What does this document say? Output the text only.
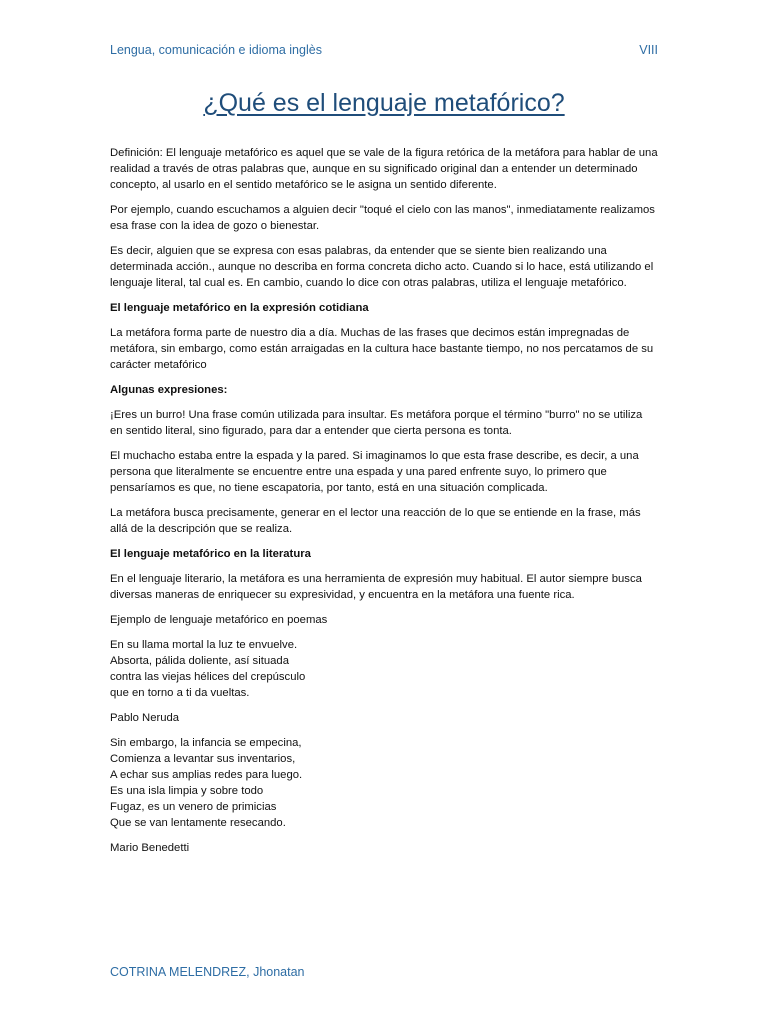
Lengua, comunicación e idioma inglès	VIII
¿Qué es el lenguaje metafórico?

Definición: El lenguaje metafórico es aquel que se vale de la figura retórica de la metáfora para hablar de una realidad a través de otras palabras que, aunque en su significado original dan a entender un determinado concepto, al usarlo en el sentido metafórico se le asigna un sentido diferente.

Por ejemplo, cuando escuchamos a alguien decir "toqué el cielo con las manos", inmediatamente realizamos esa frase con la idea de gozo o bienestar.

Es decir, alguien que se expresa con esas palabras, da entender que se siente bien realizando una determinada acción., aunque no describa en forma concreta dicho acto. Cuando si lo hace, está utilizando el lenguaje literal, tal cual es. En cambio, cuando lo dice con otras palabras, utiliza el lenguaje metafórico.

El lenguaje metafórico en la expresión cotidiana

La metáfora forma parte de nuestro dia a día. Muchas de las frases que decimos están impregnadas de metáfora, sin embargo, como están arraigadas en la cultura hace bastante tiempo, no nos percatamos de su carácter metafórico

Algunas expresiones:

¡Eres un burro! Una frase común utilizada para insultar. Es metáfora porque el término "burro" no se utiliza en sentido literal, sino figurado, para dar a entender que cierta persona es tonta.

El muchacho estaba entre la espada y la pared. Si imaginamos lo que esta frase describe, es decir, a una persona que literalmente se encuentre entre una espada y una pared enfrente suyo, lo primero que pensaríamos es que, no tiene escapatoria, por tanto, está en una situación complicada.

La metáfora busca precisamente, generar en el lector una reacción de lo que se entiende en la frase, más allá de la descripción que se realiza.

El lenguaje metafórico en la literatura

En el lenguaje literario, la metáfora es una herramienta de expresión muy habitual. El autor siempre busca diversas maneras de enriquecer su expresividad, y encuentra en la metáfora una fuente rica.

Ejemplo de lenguaje metafórico en poemas

En su llama mortal la luz te envuelve.
Absorta, pálida doliente, así situada
contra las viejas hélices del crepúsculo
que en torno a ti da vueltas.

Pablo Neruda

Sin embargo, la infancia se empecina,
Comienza a levantar sus inventarios,
A echar sus amplias redes para luego.
Es una isla limpia y sobre todo
Fugaz, es un venero de primicias
Que se van lentamente resecando.

Mario Benedetti

COTRINA MELENDREZ, Jhonatan
